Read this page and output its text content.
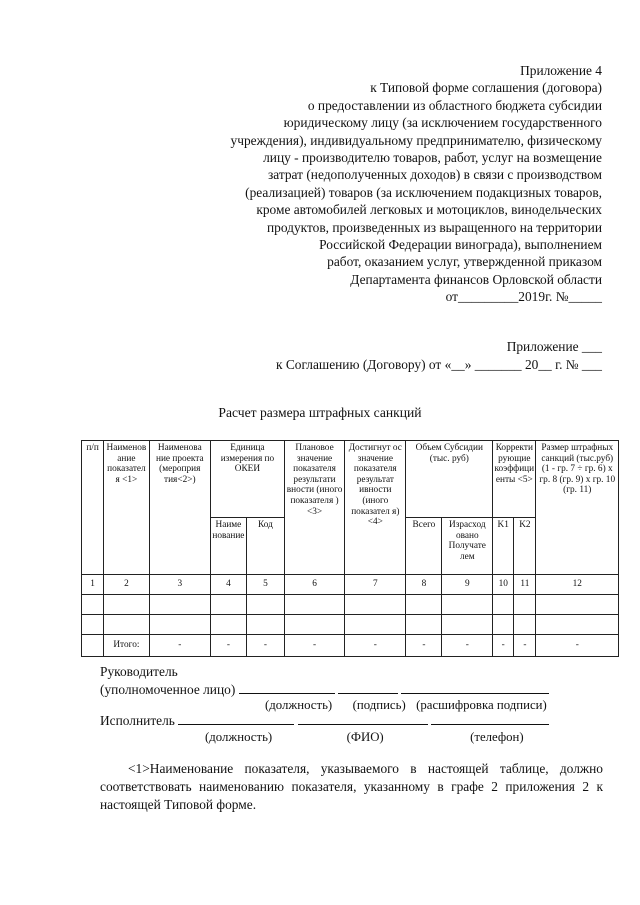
Приложение 4
к Типовой форме соглашения (договора)
о предоставлении из областного бюджета субсидии
юридическому лицу (за исключением государственного
учреждения), индивидуальному предпринимателю, физическому
лицу - производителю товаров, работ, услуг на возмещение
затрат (недополученных доходов) в связи с производством
(реализацией) товаров (за исключением подакцизных товаров,
кроме автомобилей легковых и мотоциклов, винодельческих
продуктов, произведенных из выращенного на территории
Российской Федерации винограда), выполнением
работ, оказанием услуг, утвержденной приказом
Департамента финансов Орловской области
от_________2019г. №_____
Приложение ___
к Соглашению (Договору) от «__» _______ 20__ г. № ___
Расчет размера штрафных санкций
п/п	Наименов ание показател я <1>	Наименова ние проекта (мероприя тия<2>)	Единица измерения по ОКЕИ		Плановое значение показателя результати вности (иного показателя ) <3>	Достигнут ос значение показателя результат ивности (иного показател я) <4>	Объем Субсидии (тыс. руб)		Корректи рующие коэффици енты <5>		Размер штрафных санкций (тыс.руб) (1 - гр. 7 ÷ гр. 6) x гр. 8 (гр. 9) x гр. 10 (гр. 11)
			Наиме нование	Код			Всего	Израсход овано Получате лем	K1	K2	
1	2	3	4	5	6	7	8	9	10	11	12

	Итого:	-	-	-	-	-	-	-	-	-	-
Руководитель
(уполномоченное лицо)
(должность) (подпись) (расшифровка подписи)
Исполнитель
(должность)	(ФИО)	(телефон)
<1>Наименование показателя, указываемого в настоящей таблице, должно соответствовать наименованию показателя, указанному в графе 2 приложения 2 к настоящей Типовой форме.
